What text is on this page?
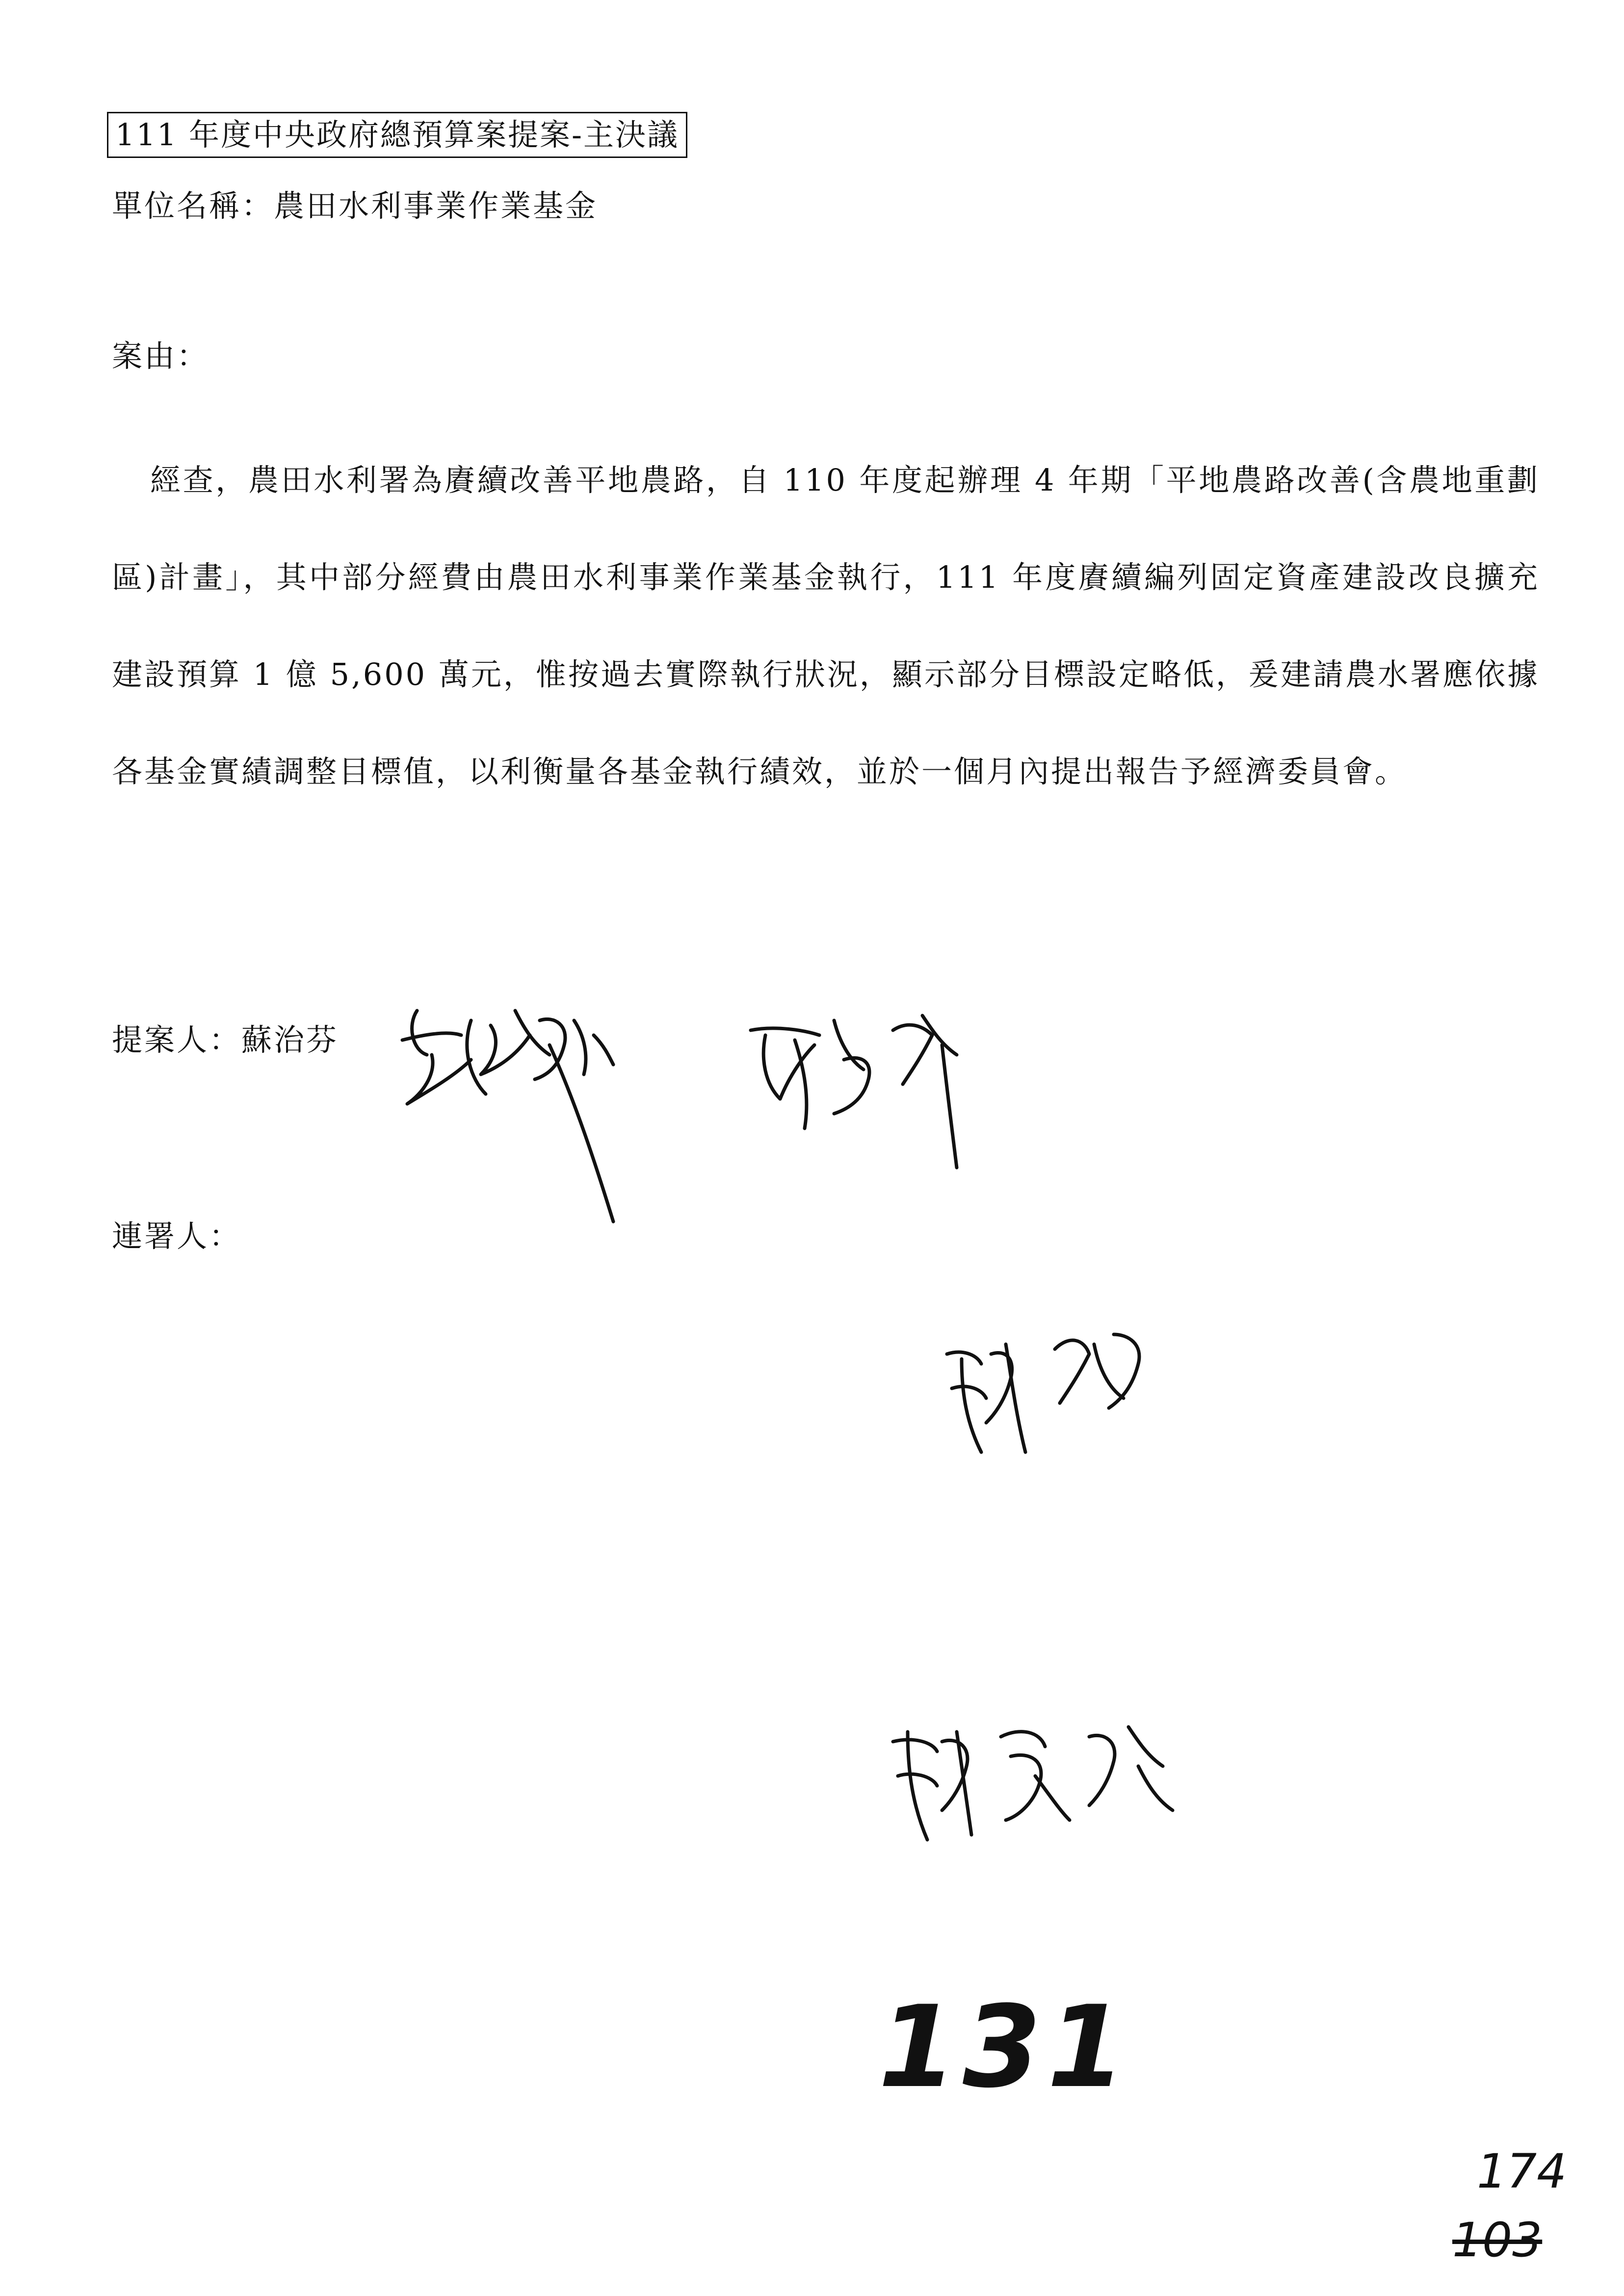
111 年度中央政府總預算案提案-主決議
單位名稱：農田水利事業作業基金
案由：
經查，農田水利署為賡續改善平地農路，自 110 年度起辦理 4 年期「平地農路改善(含農地重劃區)計畫」，其中部分經費由農田水利事業作業基金執行，111 年度賡續編列固定資產建設改良擴充建設預算 1 億 5,600 萬元，惟按過去實際執行狀況，顯示部分目標設定略低，爰建請農水署應依據各基金實績調整目標值，以利衡量各基金執行績效，並於一個月內提出報告予經濟委員會。
提案人：蘇治芬
連署人：
131
174
103
